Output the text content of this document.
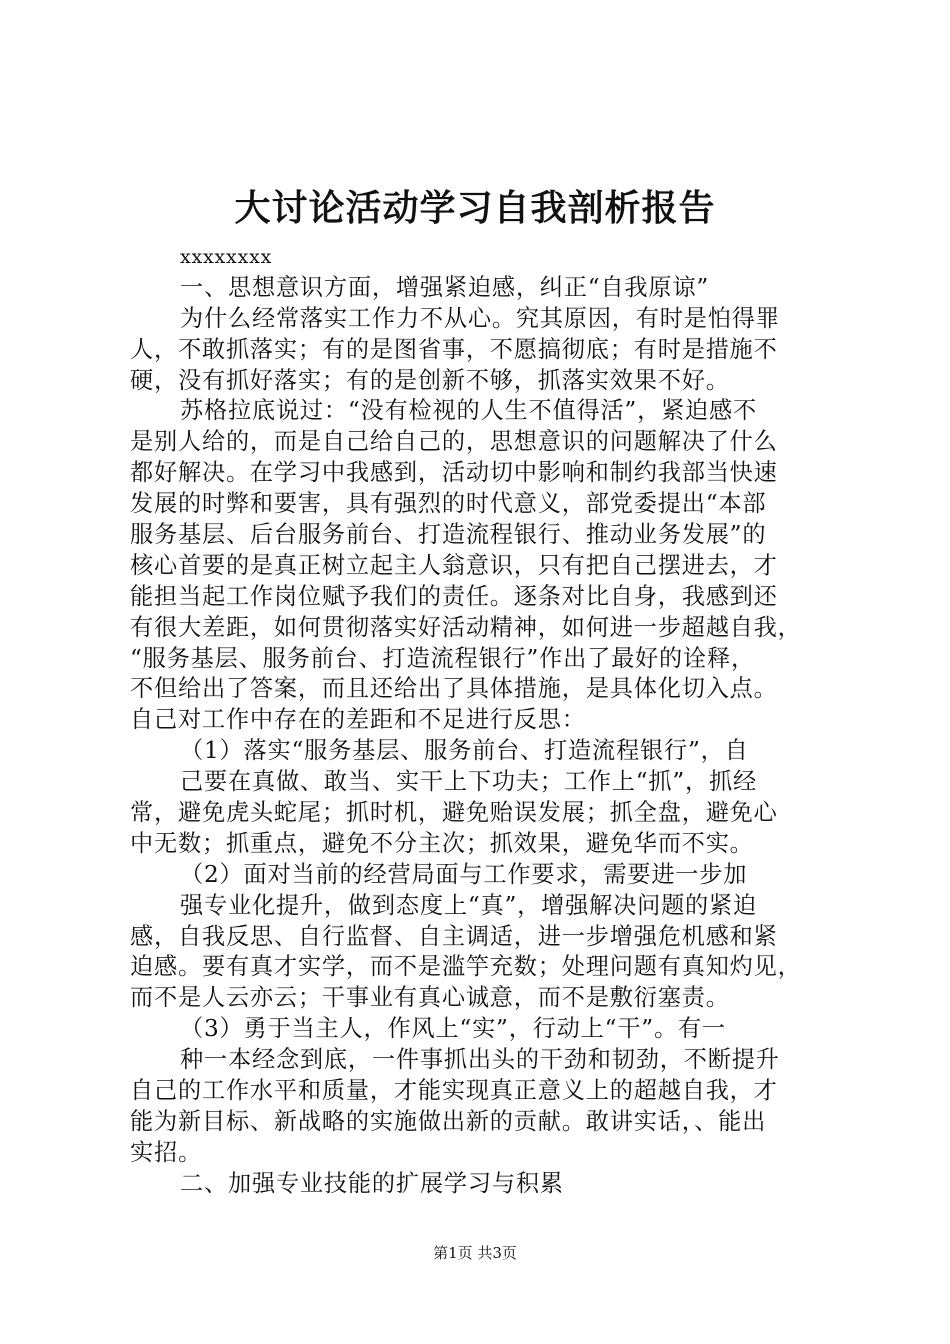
大讨论活动学习自我剖析报告
xxxxxxxx
一、思想意识方面，增强紧迫感，纠正“自我原谅”
为什么经常落实工作力不从心。究其原因，有时是怕得罪
人，不敢抓落实；有的是图省事，不愿搞彻底；有时是措施不
硬，没有抓好落实；有的是创新不够，抓落实效果不好。
苏格拉底说过：“没有检视的人生不值得活”，紧迫感不
是别人给的，而是自己给自己的，思想意识的问题解决了什么
都好解决。在学习中我感到，活动切中影响和制约我部当快速
发展的时弊和要害，具有强烈的时代意义，部党委提出“本部
服务基层、后台服务前台、打造流程银行、推动业务发展”的
核心首要的是真正树立起主人翁意识，只有把自己摆进去，才
能担当起工作岗位赋予我们的责任。逐条对比自身，我感到还
有很大差距，如何贯彻落实好活动精神，如何进一步超越自我，
“服务基层、服务前台、打造流程银行”作出了最好的诠释，
不但给出了答案，而且还给出了具体措施，是具体化切入点。
自己对工作中存在的差距和不足进行反思：
（1）落实“服务基层、服务前台、打造流程银行”，自
己要在真做、敢当、实干上下功夫；工作上“抓”，抓经
常，避免虎头蛇尾；抓时机，避免贻误发展；抓全盘，避免心
中无数；抓重点，避免不分主次；抓效果，避免华而不实。
（2）面对当前的经营局面与工作要求，需要进一步加
强专业化提升，做到态度上“真”，增强解决问题的紧迫
感，自我反思、自行监督、自主调适，进一步增强危机感和紧
迫感。要有真才实学，而不是滥竽充数；处理问题有真知灼见，
而不是人云亦云；干事业有真心诚意，而不是敷衍塞责。
（3）勇于当主人，作风上“实”，行动上“干”。有一
种一本经念到底，一件事抓出头的干劲和韧劲，不断提升
自己的工作水平和质量，才能实现真正意义上的超越自我，才
能为新目标、新战略的实施做出新的贡献。敢讲实话，、能出
实招。
二、加强专业技能的扩展学习与积累
第1页 共3页
